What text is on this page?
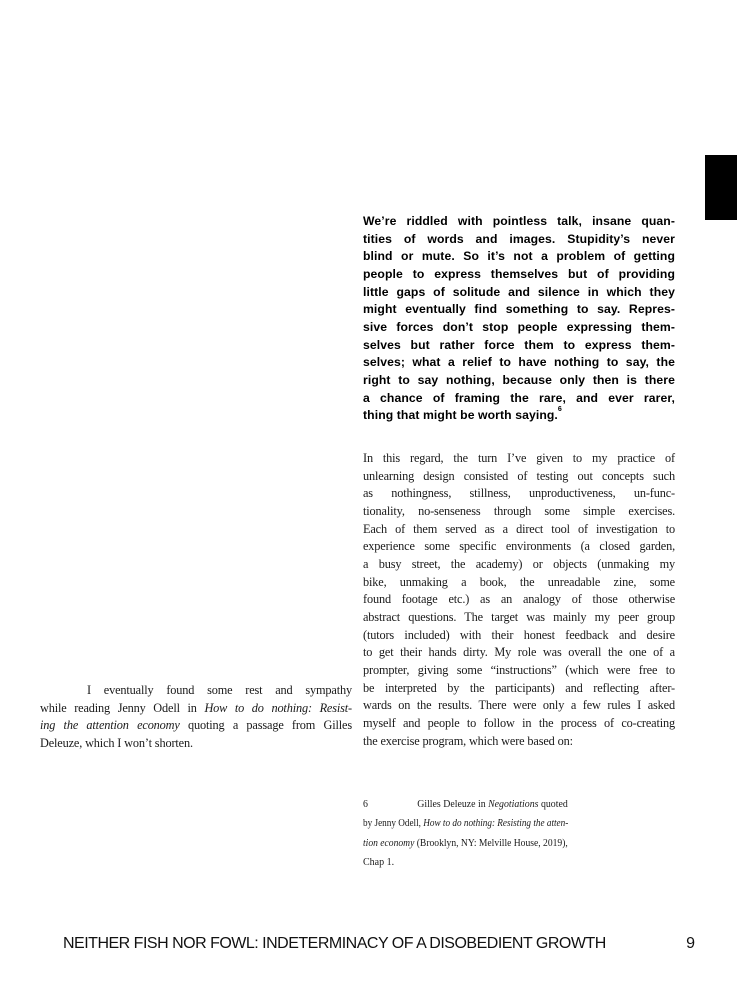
We’re riddled with pointless talk, insane quan-
tities of words and images. Stupidity’s never
blind or mute. So it’s not a problem of getting
people to express themselves but of providing
little gaps of solitude and silence in which they
might eventually find something to say. Repres-
sive forces don’t stop people expressing them-
selves but rather force them to express them-
selves; what a relief to have nothing to say, the
right to say nothing, because only then is there
a chance of framing the rare, and ever rarer,
thing that might be worth saying.$^6$
In this regard, the turn I’ve given to my practice of
unlearning design consisted of testing out concepts such
as nothingness, stillness, unproductiveness, un-func-
tionality, no-senseness through some simple exercises.
Each of them served as a direct tool of investigation to
experience some specific environments (a closed garden,
a busy street, the academy) or objects (unmaking my
bike, unmaking a book, the unreadable zine, some
found footage etc.) as an analogy of those otherwise
abstract questions. The target was mainly my peer group
(tutors included) with their honest feedback and desire
to get their hands dirty. My role was overall the one of a
prompter, giving some “instructions” (which were free to
be interpreted by the participants) and reflecting after-
wards on the results. There were only a few rules I asked
myself and people to follow in the process of co-creating
the exercise program, which were based on:
I eventually found some rest and sympathy
while reading Jenny Odell in How to do nothing: Resist-
ing the attention economy quoting a passage from Gilles
Deleuze, which I won’t shorten.
6	Gilles Deleuze in Negotiations quoted
by Jenny Odell, How to do nothing: Resisting the atten-
tion economy (Brooklyn, NY: Melville House, 2019),
Chap 1.
NEITHER FISH NOR FOWL: INDETERMINACY OF A DISOBEDIENT GROWTH	9
